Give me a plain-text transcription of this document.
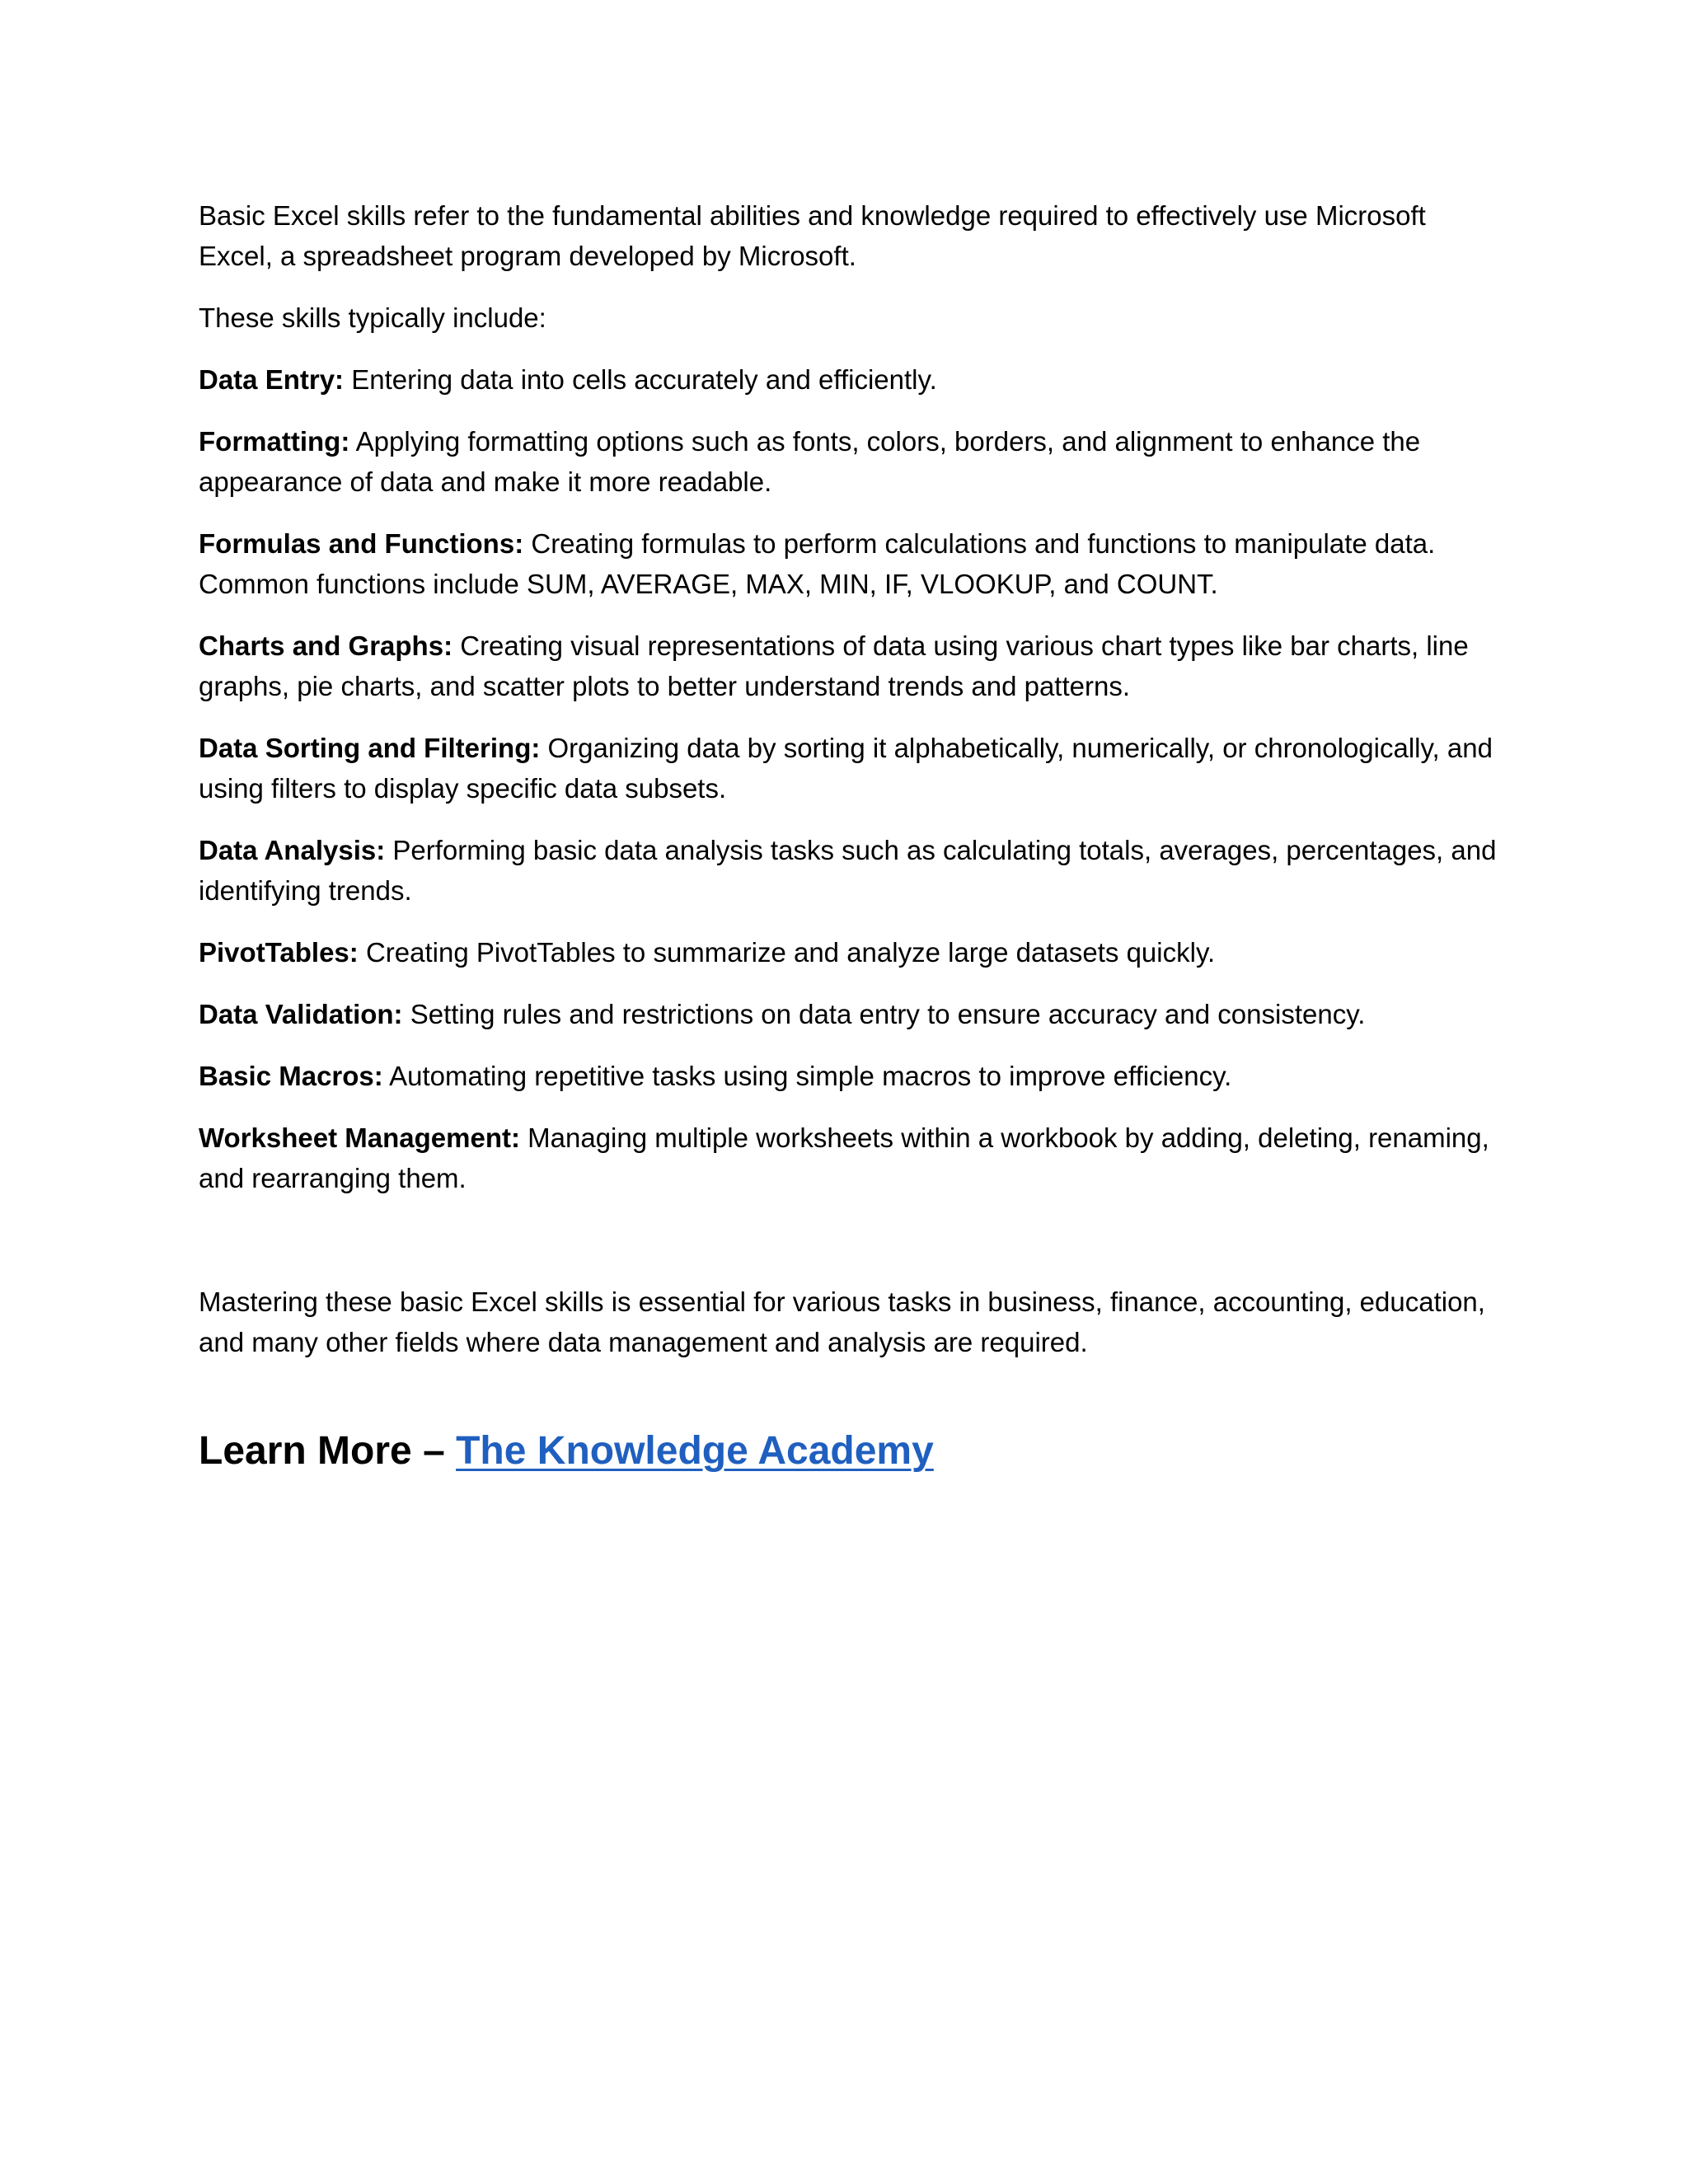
Basic Excel skills refer to the fundamental abilities and knowledge required to effectively use Microsoft Excel, a spreadsheet program developed by Microsoft.

These skills typically include:

Data Entry: Entering data into cells accurately and efficiently.

Formatting: Applying formatting options such as fonts, colors, borders, and alignment to enhance the appearance of data and make it more readable.

Formulas and Functions: Creating formulas to perform calculations and functions to manipulate data. Common functions include SUM, AVERAGE, MAX, MIN, IF, VLOOKUP, and COUNT.

Charts and Graphs: Creating visual representations of data using various chart types like bar charts, line graphs, pie charts, and scatter plots to better understand trends and patterns.

Data Sorting and Filtering: Organizing data by sorting it alphabetically, numerically, or chronologically, and using filters to display specific data subsets.

Data Analysis: Performing basic data analysis tasks such as calculating totals, averages, percentages, and identifying trends.

PivotTables: Creating PivotTables to summarize and analyze large datasets quickly.

Data Validation: Setting rules and restrictions on data entry to ensure accuracy and consistency.

Basic Macros: Automating repetitive tasks using simple macros to improve efficiency.

Worksheet Management: Managing multiple worksheets within a workbook by adding, deleting, renaming, and rearranging them.

Mastering these basic Excel skills is essential for various tasks in business, finance, accounting, education, and many other fields where data management and analysis are required.

Learn More – The Knowledge Academy
